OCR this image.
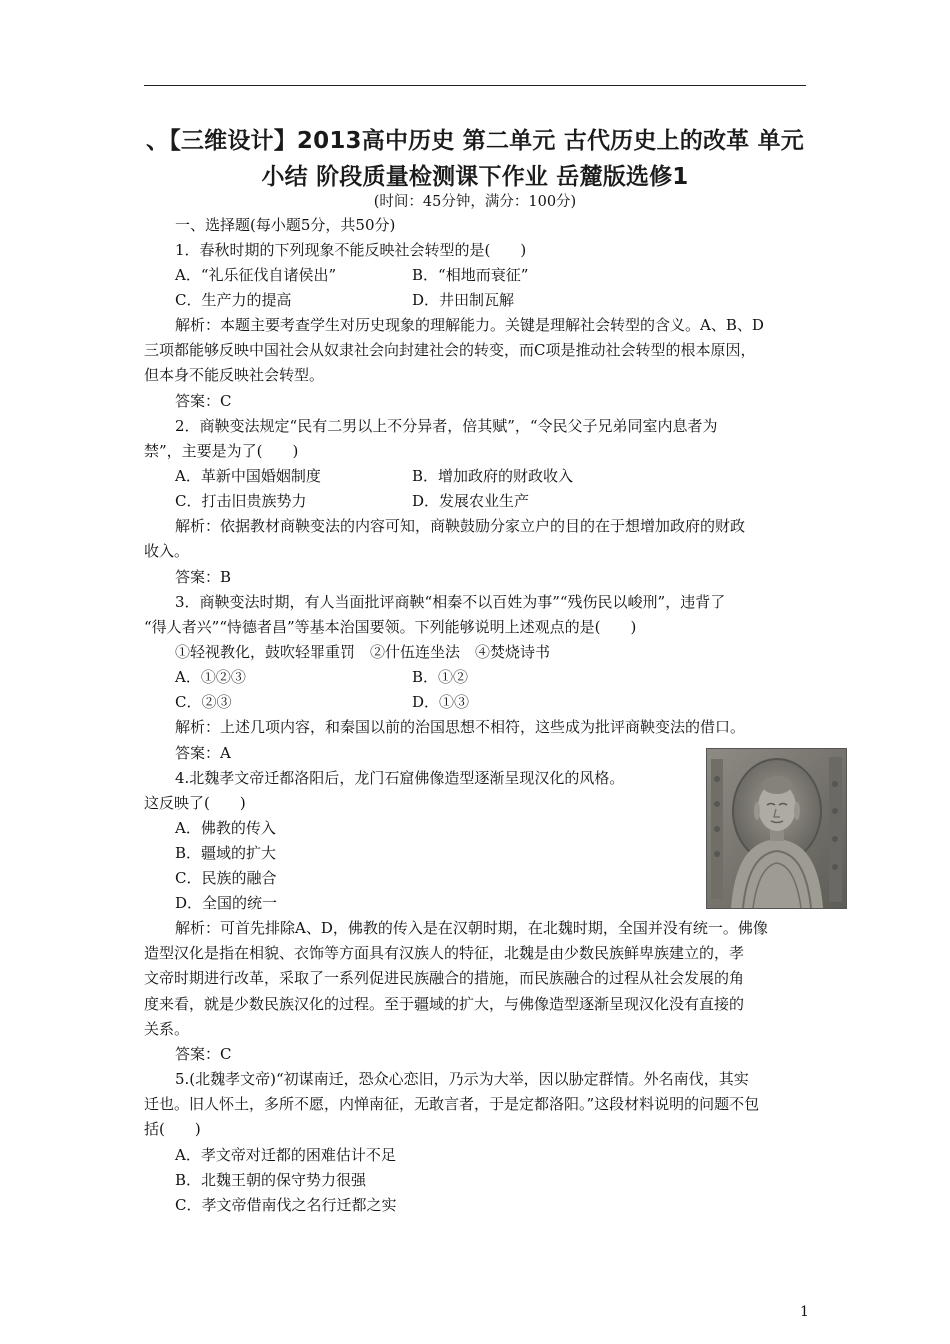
、【三维设计】2013高中历史 第二单元 古代历史上的改革 单元
小结 阶段质量检测课下作业 岳麓版选修1
(时间：45分钟，满分：100分)
一、选择题(每小题5分，共50分)
1．春秋时期的下列现象不能反映社会转型的是(　　)
A．“礼乐征伐自诸侯出”	B．“相地而衰征”
C．生产力的提高	D．井田制瓦解
解析：本题主要考查学生对历史现象的理解能力。关键是理解社会转型的含义。A、B、D
三项都能够反映中国社会从奴隶社会向封建社会的转变，而C项是推动社会转型的根本原因，
但本身不能反映社会转型。
答案：C
2．商鞅变法规定“民有二男以上不分异者，倍其赋”，“令民父子兄弟同室内息者为
禁”，主要是为了(　　)
A．革新中国婚姻制度	B．增加政府的财政收入
C．打击旧贵族势力	D．发展农业生产
解析：依据教材商鞅变法的内容可知，商鞅鼓励分家立户的目的在于想增加政府的财政
收入。
答案：B
3．商鞅变法时期，有人当面批评商鞅“相秦不以百姓为事”“残伤民以峻刑”，违背了
“得人者兴”“恃德者昌”等基本治国要领。下列能够说明上述观点的是(　　)
①轻视教化，鼓吹轻罪重罚　②什伍连坐法　④焚烧诗书
A．①②③	B．①②
C．②③	D．①③
解析：上述几项内容，和秦国以前的治国思想不相符，这些成为批评商鞅变法的借口。
答案：A
4.北魏孝文帝迁都洛阳后，龙门石窟佛像造型逐渐呈现汉化的风格。
这反映了(　　)
A．佛教的传入
B．疆域的扩大
C．民族的融合
D．全国的统一
解析：可首先排除A、D，佛教的传入是在汉朝时期，在北魏时期，全国并没有统一。佛像
造型汉化是指在相貌、衣饰等方面具有汉族人的特征，北魏是由少数民族鲜卑族建立的，孝
文帝时期进行改革，采取了一系列促进民族融合的措施，而民族融合的过程从社会发展的角
度来看，就是少数民族汉化的过程。至于疆域的扩大，与佛像造型逐渐呈现汉化没有直接的
关系。
答案：C
5.(北魏孝文帝)“初谋南迁，恐众心恋旧，乃示为大举，因以胁定群情。外名南伐，其实
迁也。旧人怀土，多所不愿，内惮南征，无敢言者，于是定都洛阳。”这段材料说明的问题不包
括(　　)
A．孝文帝对迁都的困难估计不足
B．北魏王朝的保守势力很强
C．孝文帝借南伐之名行迁都之实
1
